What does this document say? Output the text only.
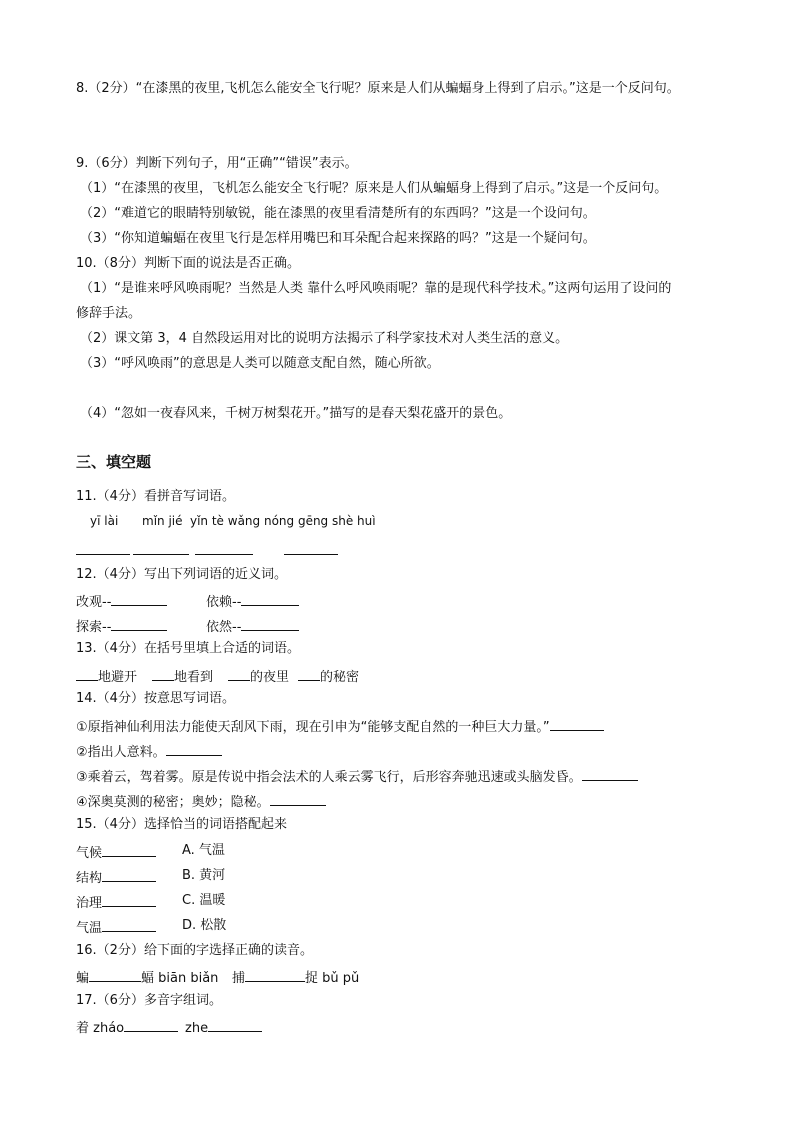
8.（2分）“在漆黑的夜里,飞机怎么能安全飞行呢？原来是人们从蝙蝠身上得到了启示。”这是一个反问句。
9.（6分）判断下列句子，用“正确”“错误”表示。
（1）“在漆黑的夜里，飞机怎么能安全飞行呢？原来是人们从蝙蝠身上得到了启示。”这是一个反问句。
（2）“难道它的眼睛特别敏锐，能在漆黑的夜里看清楚所有的东西吗？”这是一个设问句。
（3）“你知道蝙蝠在夜里飞行是怎样用嘴巴和耳朵配合起来探路的吗？”这是一个疑问句。
10.（8分）判断下面的说法是否正确。
（1）“是谁来呼风唤雨呢？当然是人类 靠什么呼风唤雨呢？靠的是现代科学技术。”这两句运用了设问的
修辞手法。
（2）课文第 3，4 自然段运用对比的说明方法揭示了科学家技术对人类生活的意义。
（3）“呼风唤雨”的意思是人类可以随意支配自然，随心所欲。
（4）“忽如一夜春风来，千树万树梨花开。”描写的是春天梨花盛开的景色。
三、填空题
11.（4分）看拼音写词语。
yī lài mǐn jié yǐn tè wǎng nóng gēng shè huì
12.（4分）写出下列词语的近义词。
改观--	依赖--
探索--	依然--
13.（4分）在括号里填上合适的词语。
地避开	地看到	的夜里	的秘密
14.（4分）按意思写词语。
①原指神仙利用法力能使天刮风下雨，现在引申为“能够支配自然的一种巨大力量。”
②指出人意料。
③乘着云，驾着雾。原是传说中指会法术的人乘云雾飞行，后形容奔驰迅速或头脑发昏。
④深奥莫测的秘密；奥妙；隐秘。
15.（4分）选择恰当的词语搭配起来
气候	A. 气温
结构	B. 黄河
治理	C. 温暖
气温	D. 松散
16.（2分）给下面的字选择正确的读音。
蝙	蝠 biān biǎn 捕	捉 bǔ pǔ
17.（6分）多音字组词。
着 zháo	zhe
